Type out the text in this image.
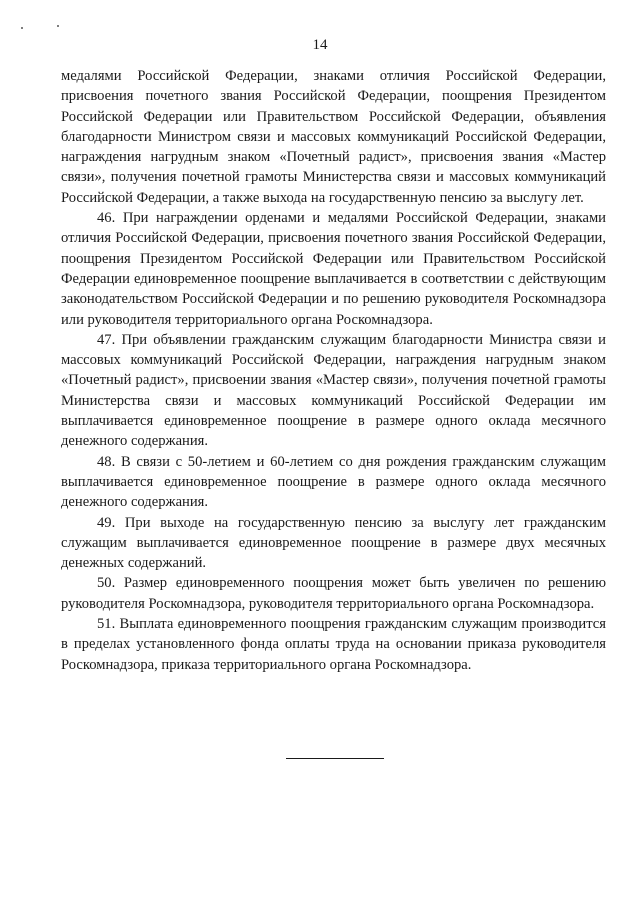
14

медалями Российской Федерации, знаками отличия Российской Федерации, присвоения почетного звания Российской Федерации, поощрения Президентом Российской Федерации или Правительством Российской Федерации, объявления благодарности Министром связи и массовых коммуникаций Российской Федерации, награждения нагрудным знаком «Почетный радист», присвоения звания «Мастер связи», получения почетной грамоты Министерства связи и массовых коммуникаций Российской Федерации, а также выхода на государственную пенсию за выслугу лет.

46. При награждении орденами и медалями Российской Федерации, знаками отличия Российской Федерации, присвоения почетного звания Российской Федерации, поощрения Президентом Российской Федерации или Правительством Российской Федерации единовременное поощрение выплачивается в соответствии с действующим законодательством Российской Федерации и по решению руководителя Роскомнадзора или руководителя территориального органа Роскомнадзора.

47. При объявлении гражданским служащим благодарности Министра связи и массовых коммуникаций Российской Федерации, награждения нагрудным знаком «Почетный радист», присвоении звания «Мастер связи», получения почетной грамоты Министерства связи и массовых коммуникаций Российской Федерации им выплачивается единовременное поощрение в размере одного оклада месячного денежного содержания.

48. В связи с 50-летием и 60-летием со дня рождения гражданским служащим выплачивается единовременное поощрение в размере одного оклада месячного денежного содержания.

49. При выходе на государственную пенсию за выслугу лет гражданским служащим выплачивается единовременное поощрение в размере двух месячных денежных содержаний.

50. Размер единовременного поощрения может быть увеличен по решению руководителя Роскомнадзора, руководителя территориального органа Роскомнадзора.

51. Выплата единовременного поощрения гражданским служащим производится в пределах установленного фонда оплаты труда на основании приказа руководителя Роскомнадзора, приказа территориального органа Роскомнадзора.
